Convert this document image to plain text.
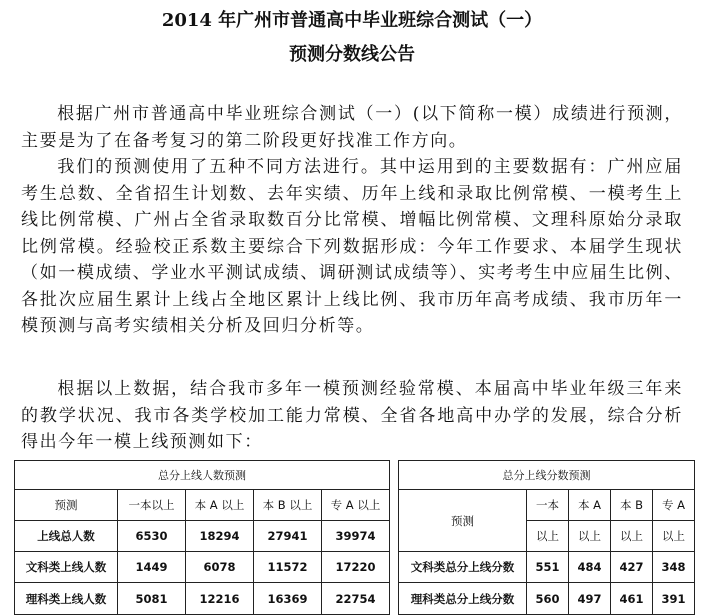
2014 年广州市普通高中毕业班综合测试（一）
预测分数线公告

根据广州市普通高中毕业班综合测试（一）(以下简称一模）成绩进行预测，主要是为了在备考复习的第二阶段更好找准工作方向。

我们的预测使用了五种不同方法进行。其中运用到的主要数据有：广州应届考生总数、全省招生计划数、去年实绩、历年上线和录取比例常模、一模考生上线比例常模、广州占全省录取数百分比常模、增幅比例常模、文理科原始分录取比例常模。经验校正系数主要综合下列数据形成：今年工作要求、本届学生现状（如一模成绩、学业水平测试成绩、调研测试成绩等）、实考考生中应届生比例、各批次应届生累计上线占全地区累计上线比例、我市历年高考成绩、我市历年一模预测与高考实绩相关分析及回归分析等。

根据以上数据，结合我市多年一模预测经验常模、本届高中毕业年级三年来的教学状况、我市各类学校加工能力常模、全省各地高中办学的发展，综合分析得出今年一模上线预测如下：

总分上线人数预测				
预测	一本以上	本 A 以上	本 B 以上	专 A 以上
上线总人数	6530	18294	27941	39974
文科类上线人数	1449	6078	11572	17220
理科类上线人数	5081	12216	16369	22754
总分上线分数预测				
预测	一本	本 A	本 B	专 A
	以上	以上	以上	以上
文科类总分上线分数	551	484	427	348
理科类总分上线分数	560	497	461	391
